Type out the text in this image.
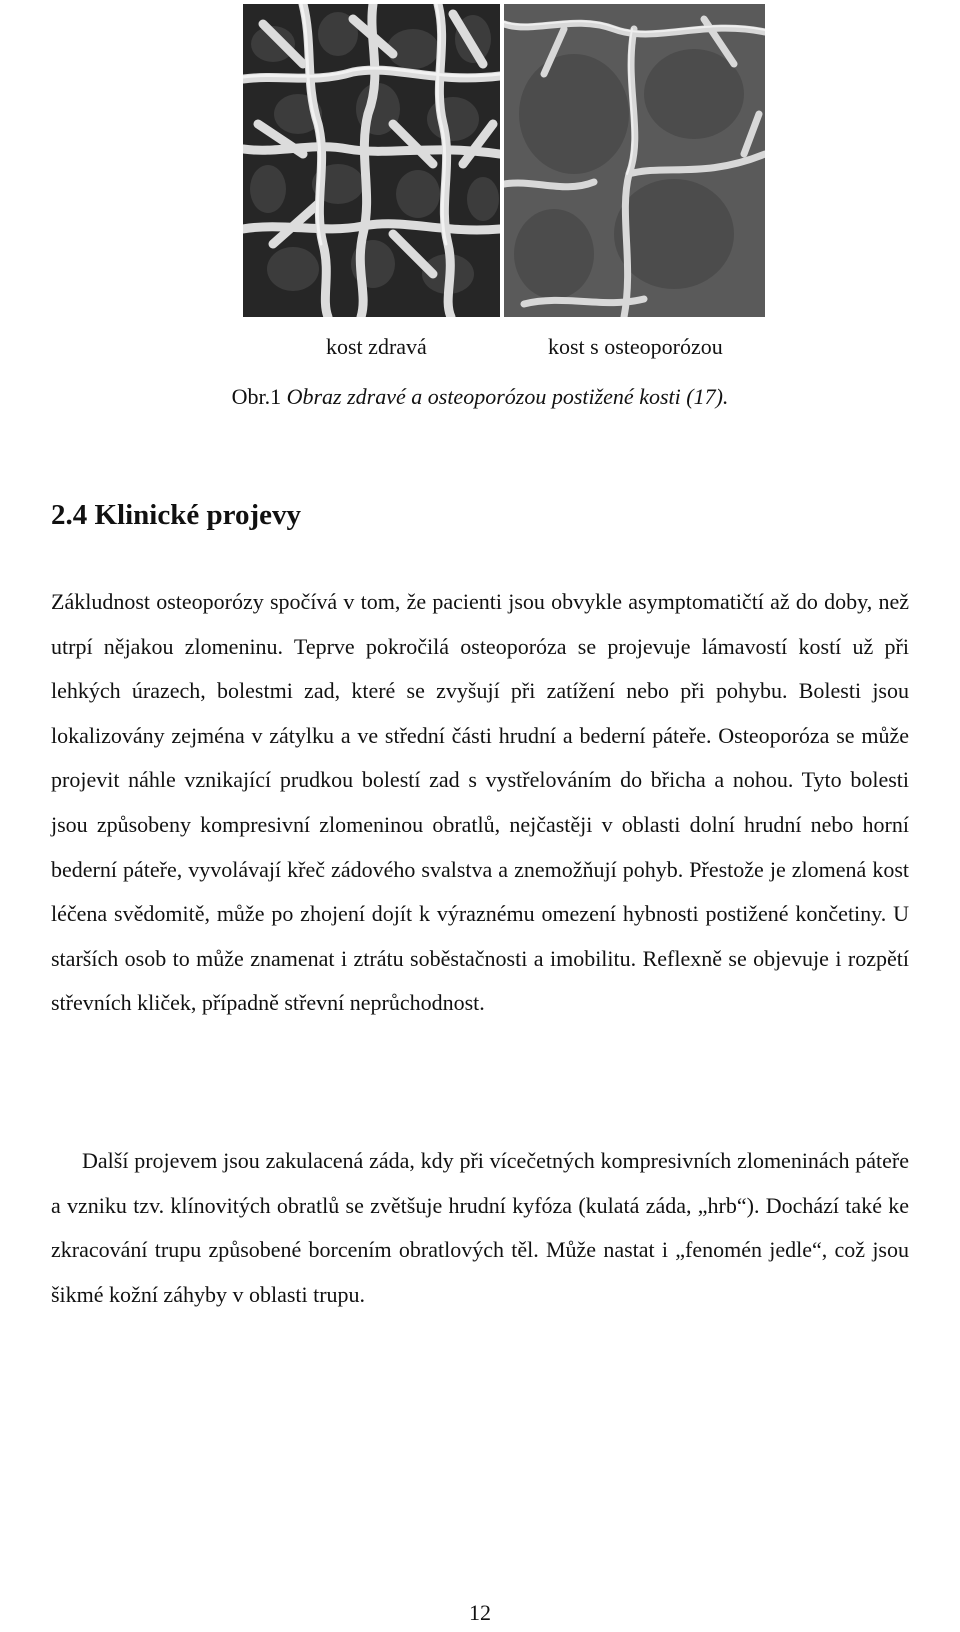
kost zdravá	kost s osteoporózou
Obr.1 Obraz zdravé a osteoporózou postižené kosti (17).
2.4 Klinické projevy

Zákludnost osteoporózy spočívá v tom, že pacienti jsou obvykle asymptomatičtí až do doby, než utrpí nějakou zlomeninu. Teprve pokročilá osteoporóza se projevuje lámavostí kostí už při lehkých úrazech, bolestmi zad, které se zvyšují při zatížení nebo při pohybu. Bolesti jsou lokalizovány zejména v zátylku a ve střední části hrudní a bederní páteře. Osteoporóza se může projevit náhle vznikající prudkou bolestí zad s vystřelováním do břicha a nohou. Tyto bolesti jsou způsobeny kompresivní zlomeninou obratlů, nejčastěji v oblasti dolní hrudní nebo horní bederní páteře, vyvolávají křeč zádového svalstva a znemožňují pohyb. Přestože je zlomená kost léčena svědomitě, může po zhojení dojít k výraznému omezení hybnosti postižené končetiny. U starších osob to může znamenat i ztrátu soběstačnosti a imobilitu. Reflexně se objevuje i rozpětí střevních kliček, případně střevní neprůchodnost.

Další projevem jsou zakulacená záda, kdy při vícečetných kompresivních zlomeninách páteře a vzniku tzv. klínovitých obratlů se zvětšuje hrudní kyfóza (kulatá záda, „hrb“). Dochází také ke zkracování trupu způsobené borcením obratlových těl. Může nastat i „fenomén jedle“, což jsou šikmé kožní záhyby v oblasti trupu.

12
